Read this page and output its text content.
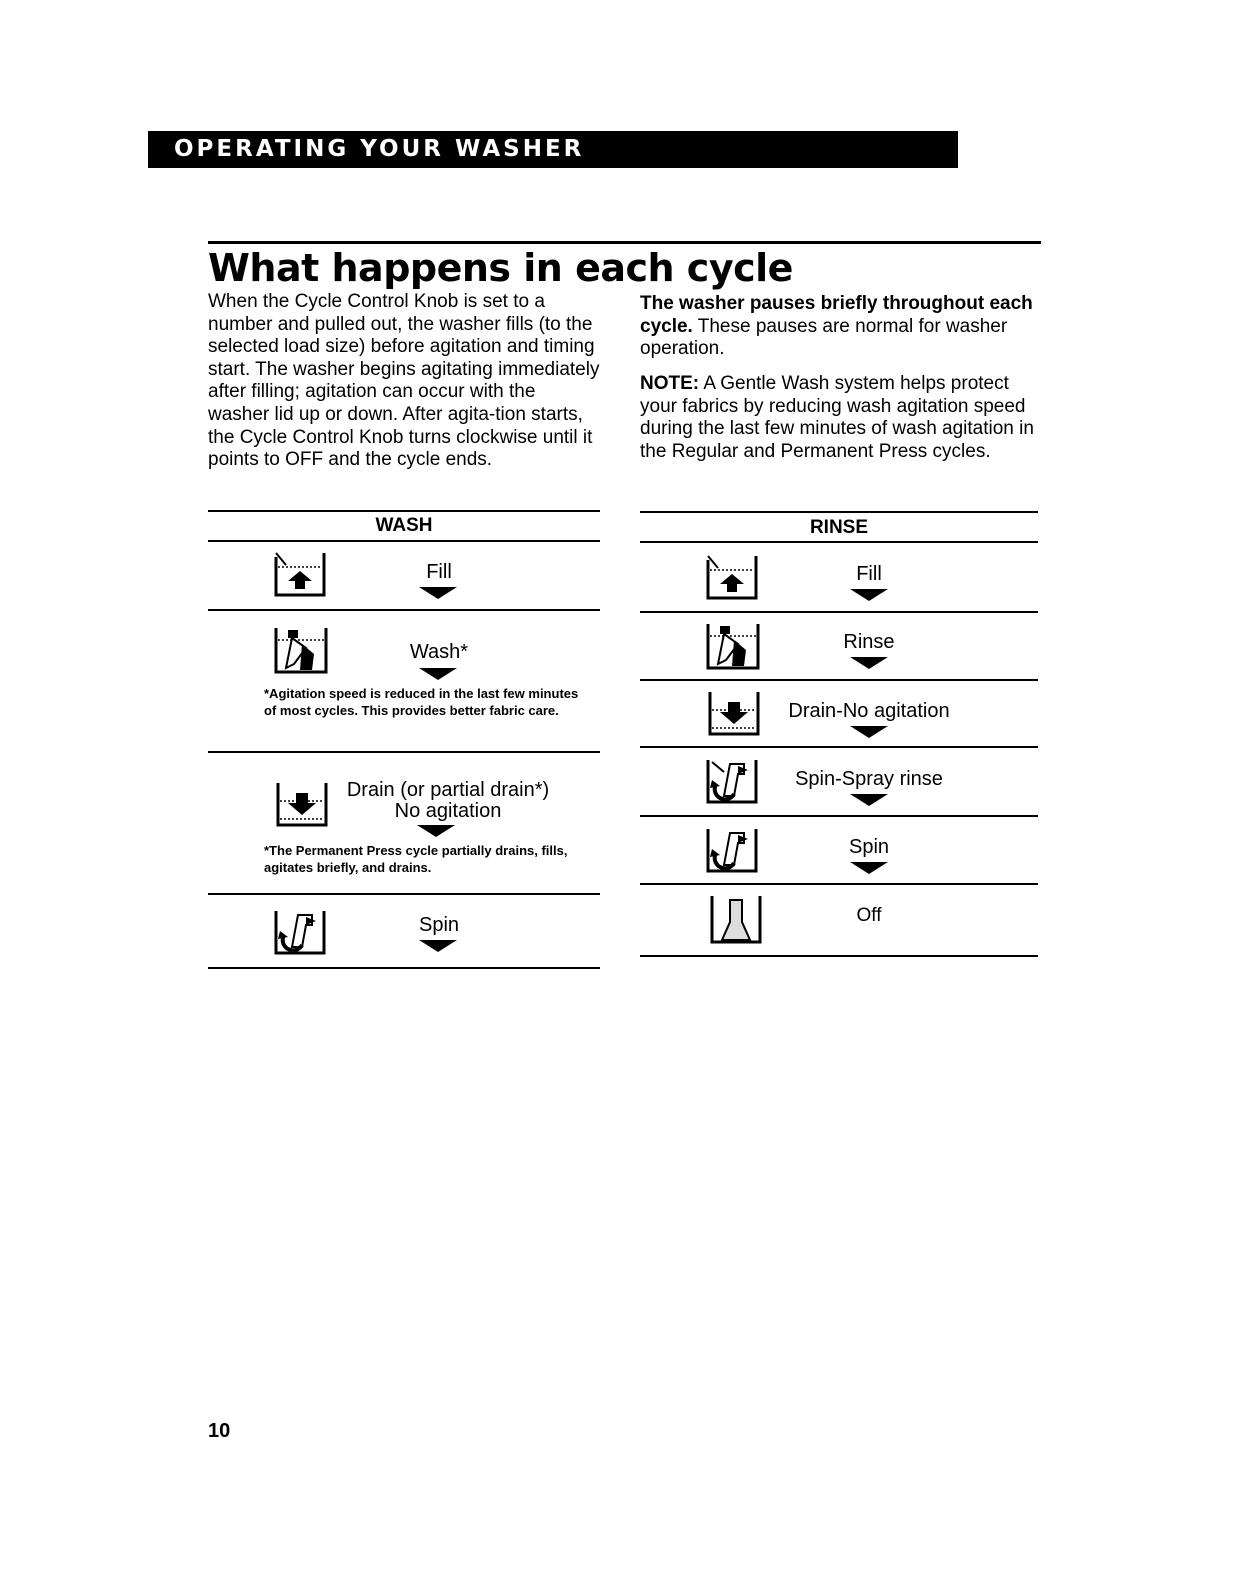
OPERATING YOUR WASHER
What happens in each cycle

When the Cycle Control Knob is set to a number and pulled out, the washer fills (to the selected load size) before agitation and timing start. The washer begins agitating immediately after filling; agitation can occur with the washer lid up or down. After agita-tion starts, the Cycle Control Knob turns clockwise until it points to OFF and the cycle ends.

The washer pauses briefly throughout each cycle. These pauses are normal for washer operation.

NOTE: A Gentle Wash system helps protect your fabrics by reducing wash agitation speed during the last few minutes of wash agitation in the Regular and Permanent Press cycles.

WASH
Fill
Wash*
*Agitation speed is reduced in the last few minutes of most cycles. This provides better fabric care.
Drain (or partial drain*)
No agitation
*The Permanent Press cycle partially drains, fills, agitates briefly, and drains.
Spin
RINSE
Fill
Rinse
Drain-No agitation
Spin-Spray rinse
Spin
Off
10
